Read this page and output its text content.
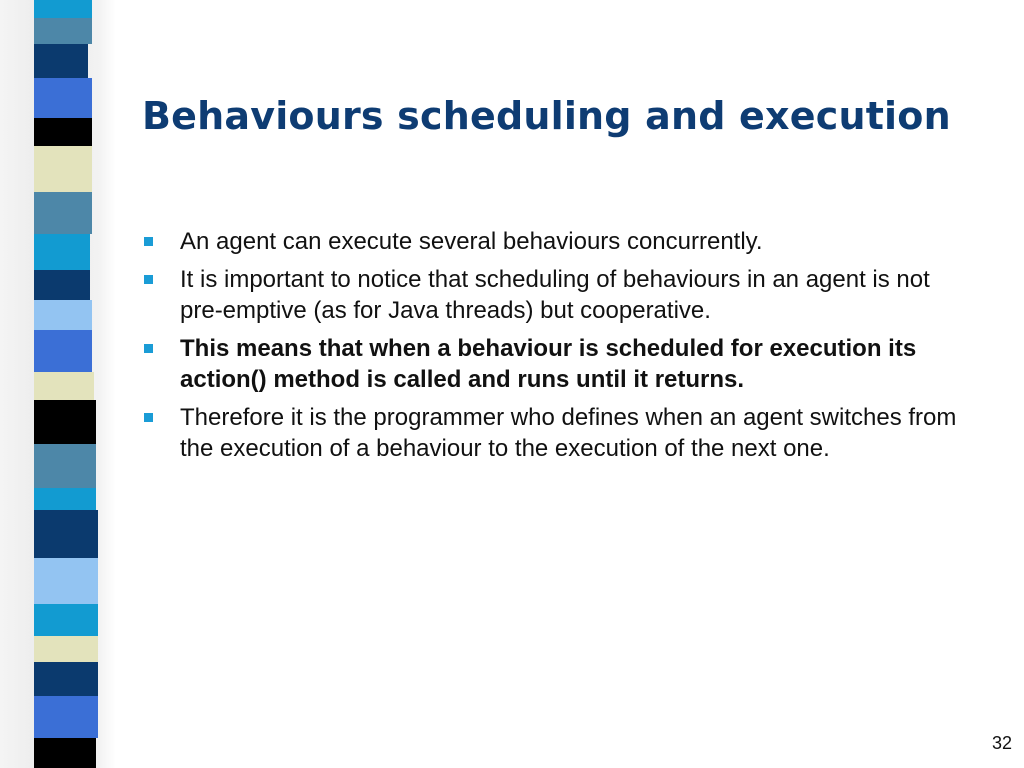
Behaviours scheduling and execution
An agent can execute several behaviours concurrently.
It is important to notice that scheduling of behaviours in an agent is not pre-emptive (as for Java threads) but cooperative.
This means that when a behaviour is scheduled for execution its action() method is called and runs until it returns.
Therefore it is the programmer who defines when an agent switches from the execution of a behaviour to the execution of the next one.
32
